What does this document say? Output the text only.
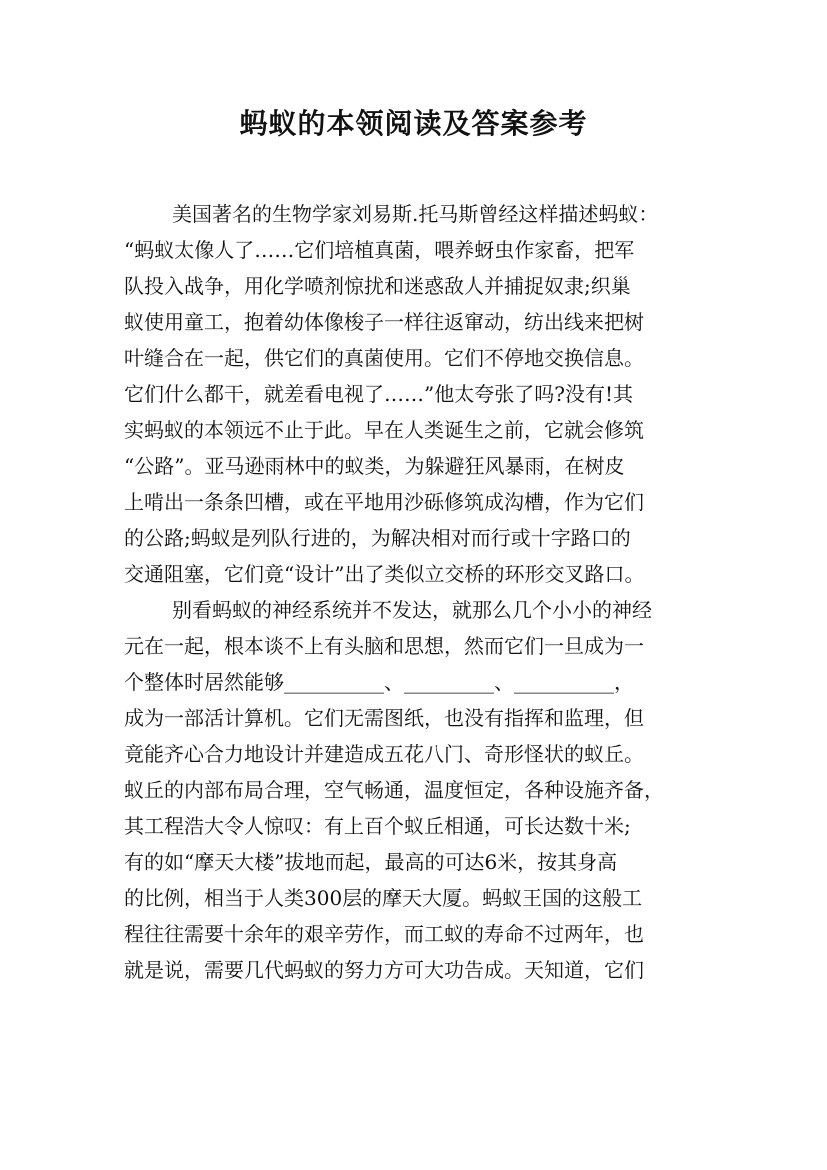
蚂蚁的本领阅读及答案参考
美国著名的生物学家刘易斯.托马斯曾经这样描述蚂蚁：
“蚂蚁太像人了……它们培植真菌，喂养蚜虫作家畜，把军
队投入战争，用化学喷剂惊扰和迷惑敌人并捕捉奴隶;织巢
蚁使用童工，抱着幼体像梭子一样往返窜动，纺出线来把树
叶缝合在一起，供它们的真菌使用。它们不停地交换信息。
它们什么都干，就差看电视了……”他太夸张了吗?没有!其
实蚂蚁的本领远不止于此。早在人类诞生之前，它就会修筑
“公路”。亚马逊雨林中的蚁类，为躲避狂风暴雨，在树皮
上啃出一条条凹槽，或在平地用沙砾修筑成沟槽，作为它们
的公路;蚂蚁是列队行进的，为解决相对而行或十字路口的
交通阻塞，它们竟“设计”出了类似立交桥的环形交叉路口。
别看蚂蚁的神经系统并不发达，就那么几个小小的神经
元在一起，根本谈不上有头脑和思想，然而它们一旦成为一
个整体时居然能够__________、_________、__________，
成为一部活计算机。它们无需图纸，也没有指挥和监理，但
竟能齐心合力地设计并建造成五花八门、奇形怪状的蚁丘。
蚁丘的内部布局合理，空气畅通，温度恒定，各种设施齐备，
其工程浩大令人惊叹：有上百个蚁丘相通，可长达数十米;
有的如“摩天大楼”拔地而起，最高的可达6米，按其身高
的比例，相当于人类300层的摩天大厦。蚂蚁王国的这般工
程往往需要十余年的艰辛劳作，而工蚁的寿命不过两年，也
就是说，需要几代蚂蚁的努力方可大功告成。天知道，它们
